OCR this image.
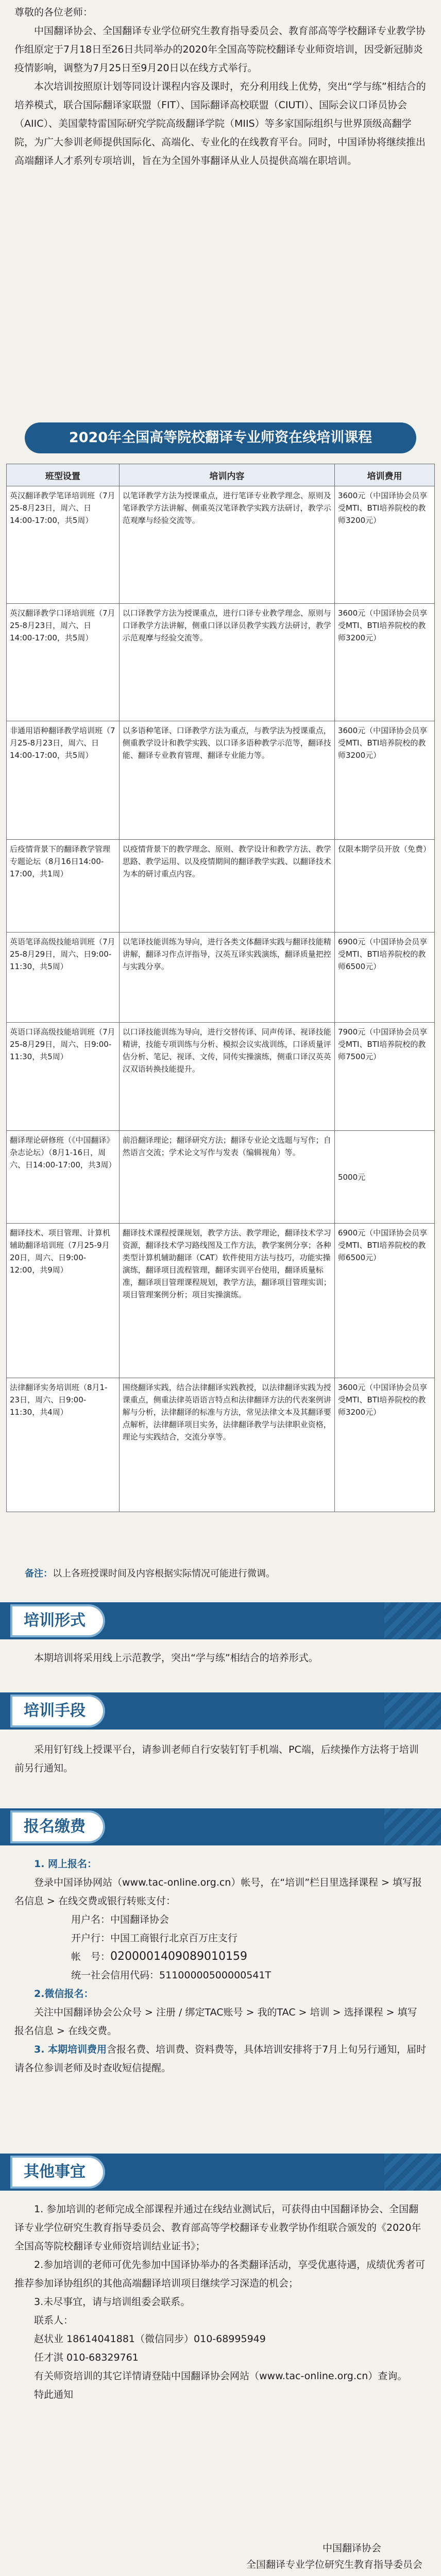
尊敬的各位老师：

中国翻译协会、全国翻译专业学位研究生教育指导委员会、教育部高等学校翻译专业教学协作组原定于7月18日至26日共同举办的2020年全国高等院校翻译专业师资培训，因受新冠肺炎疫情影响，调整为7月25日至9月20日以在线方式举行。

本次培训按照原计划等同设计课程内容及课时，充分利用线上优势，突出“学与练”相结合的培养模式，联合国际翻译家联盟（FIT）、国际翻译高校联盟（CIUTI）、国际会议口译员协会（AIIC）、美国蒙特雷国际研究学院高级翻译学院（MIIS）等多家国际组织与世界顶级高翻学院，为广大参训老师提供国际化、高端化、专业化的在线教育平台。同时，中国译协将继续推出高端翻译人才系列专项培训，旨在为全国外事翻译从业人员提供高端在职培训。

2020年全国高等院校翻译专业师资在线培训课程
班型设置	培训内容	培训费用
英汉翻译教学笔译培训班（7月25-8月23日，周六、日14:00-17:00，共5周）	以笔译教学方法为授课重点，进行笔译专业教学理念、原则及笔译教学方法讲解、侧重英汉笔译教学实践方法研讨，教学示范观摩与经验交流等。	3600元（中国译协会员享受MTI、BTI培养院校的教师3200元）
英汉翻译教学口译培训班（7月25-8月23日，周六、日14:00-17:00，共5周）	以口译教学方法为授课重点，进行口译专业教学理念、原则与口译教学方法讲解，侧重口译以译员教学实践方法研讨，教学示范观摩与经验交流等。	3600元（中国译协会员享受MTI、BTI培养院校的教师3200元）
非通用语种翻译教学培训班（7月25-8月23日，周六、日14:00-17:00，共5周）	以多语种笔译、口译教学方法为重点，与教学法为授课重点，侧重教学设计和教学实践、以口译多语种教学示范等，翻译技能、翻译专业教育管理、翻译专业能力等。	3600元（中国译协会员享受MTI、BTI培养院校的教师3200元）
后疫情背景下的翻译教学管理专题论坛（8月16日14:00-17:00，共1周）	以疫情背景下的教学理念、原则、教学设计和教学方法、教学思路、教学运用、以及疫情期间的翻译教学实践、以翻译技术为本的研讨重点内容。	仅限本期学员开放（免费）
英语笔译高级技能培训班（7月25-8月29日，周六、日9:00-11:30，共5周）	以笔译技能训练为导向，进行各类文体翻译实践与翻译技能精讲解，翻译习作点评指导，汉英互译实践演练，翻译质量把控与实践分享。	6900元（中国译协会员享受MTI、BTI培养院校的教师6500元）
英语口译高级技能培训班（7月25-8月29日，周六、日9:00-11:30，共5周）	以口译技能训练为导向，进行交替传译、同声传译、视译技能精讲，技能专项训练与分析、模拟会议实战训练，口译质量评估分析、笔记、视译、文传，同传实操演练，侧重口译汉英英汉双语转换技能提升。	7900元（中国译协会员享受MTI、BTI培养院校的教师7500元）
翻译理论研修班（《中国翻译》杂志论坛）（8月1-16日，周六、日14:00-17:00，共3周）	前沿翻译理论；翻译研究方法；翻译专业论文选题与写作；自然语言交流；学术论文写作与发表（编辑视角）等。	5000元
翻译技术、项目管理、计算机辅助翻译培训班（7月25-9月20日，周六、日9:00-12:00，共9周）	翻译技术课程授课规划，教学方法、教学理论，翻译技术学习资源，翻译技术学习路线图及工作方法，教学案例分享；各种类型计算机辅助翻译（CAT）软件使用方法与技巧，功能实操演练，翻译项目流程管理，翻译实训平台使用，翻译质量标准，翻译项目管理课程规划，教学方法，翻译项目管理实训；项目管理案例分析；项目实操演练。	6900元（中国译协会员享受MTI、BTI培养院校的教师6500元）
法律翻译实务培训班（8月1-23日，周六、日9:00-11:30，共4周）	围绕翻译实践，结合法律翻译实践教授，以法律翻译实践为授课重点，侧重法律英语语言特点和法律翻译方法的代表案例讲解与分析，法律翻译的标准与方法，常见法律文本及其翻译要点解析，法律翻译项目实务，法律翻译教学与法律职业资格，理论与实践结合，交流分享等。	3600元（中国译协会员享受MTI、BTI培养院校的教师3200元）
备注：以上各班授课时间及内容根据实际情况可能进行微调。
培训形式

本期培训将采用线上示范教学，突出“学与练”相结合的培养形式。

培训手段

采用钉钉线上授课平台，请参训老师自行安装钉钉手机端、PC端，后续操作方法将于培训前另行通知。

报名缴费

1. 网上报名：

登录中国译协网站（www.tac-online.org.cn）帐号，在“培训”栏目里选择课程 > 填写报名信息 > 在线交费或银行转账支付：

用户名：中国翻译协会

开户行：中国工商银行北京百万庄支行

帐　号：0200001409089010159

统一社会信用代码：51100000500000541T

2.微信报名：

关注中国翻译协会公众号 > 注册 / 绑定TAC账号 > 我的TAC > 培训 > 选择课程 > 填写报名信息 > 在线交费。

3. 本期培训费用含报名费、培训费、资料费等，具体培训安排将于7月上旬另行通知，届时请各位参训老师及时查收短信提醒。

其他事宜

1. 参加培训的老师完成全部课程并通过在线结业测试后，可获得由中国翻译协会、全国翻译专业学位研究生教育指导委员会、教育部高等学校翻译专业教学协作组联合颁发的《2020年全国高等院校翻译专业师资培训结业证书》；

2.参加培训的老师可优先参加中国译协举办的各类翻译活动，享受优惠待遇，成绩优秀者可推荐参加译协组织的其他高端翻译培训项目继续学习深造的机会；

3.未尽事宜，请与培训组委会联系。

联系人：

赵状业 18614041881（微信同步）010-68995949

任才淇 010-68329761

有关师资培训的其它详情请登陆中国翻译协会网站（www.tac-online.org.cn）查询。

特此通知

中国翻译协会

全国翻译专业学位研究生教育指导委员会
